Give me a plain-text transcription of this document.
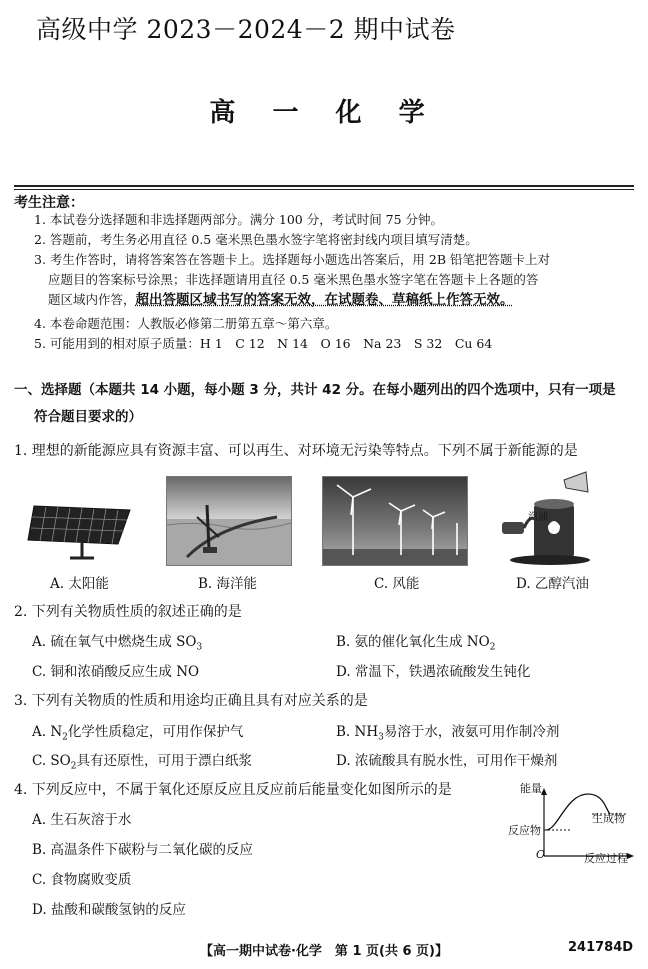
高级中学 2023－2024－2 期中试卷
高 一 化 学
考生注意：
1. 本试卷分选择题和非选择题两部分。满分 100 分，考试时间 75 分钟。
2. 答题前，考生务必用直径 0.5 毫米黑色墨水签字笔将密封线内项目填写清楚。
3. 考生作答时，请将答案答在答题卡上。选择题每小题选出答案后，用 2B 铅笔把答题卡上对
应题目的答案标号涂黑；非选择题请用直径 0.5 毫米黑色墨水签字笔在答题卡上各题的答
题区域内作答，超出答题区域书写的答案无效，在试题卷、草稿纸上作答无效。
4. 本卷命题范围：人教版必修第二册第五章～第六章。
5. 可能用到的相对原子质量：H 1　C 12　N 14　O 16　Na 23　S 32　Cu 64
一、选择题（本题共 14 小题，每小题 3 分，共计 42 分。在每小题列出的四个选项中，只有一项是
符合题目要求的）
1. 理想的新能源应具有资源丰富、可以再生、对环境无污染等特点。下列不属于新能源的是
A. 太阳能	B. 海洋能	C. 风能
汽油
D. 乙醇汽油
2. 下列有关物质性质的叙述正确的是
A. 硫在氧气中燃烧生成 $SO_3$	B. 氨的催化氧化生成 $NO_2$
C. 铜和浓硝酸反应生成 NO	D. 常温下，铁遇浓硫酸发生钝化
3. 下列有关物质的性质和用途均正确且具有对应关系的是
A. $N_2$化学性质稳定，可用作保护气	B. $NH_3$易溶于水，液氨可用作制冷剂
C. $SO_2$具有还原性，可用于漂白纸浆	D. 浓硫酸具有脱水性，可用作干燥剂
4. 下列反应中，不属于氧化还原反应且反应前后能量变化如图所示的是
A. 生石灰溶于水
B. 高温条件下碳粉与二氧化碳的反应
C. 食物腐败变质
D. 盐酸和碳酸氢钠的反应
能量
反应物
生成物
O	反应过程
【高一期中试卷·化学　第 1 页(共 6 页)】	241784D
